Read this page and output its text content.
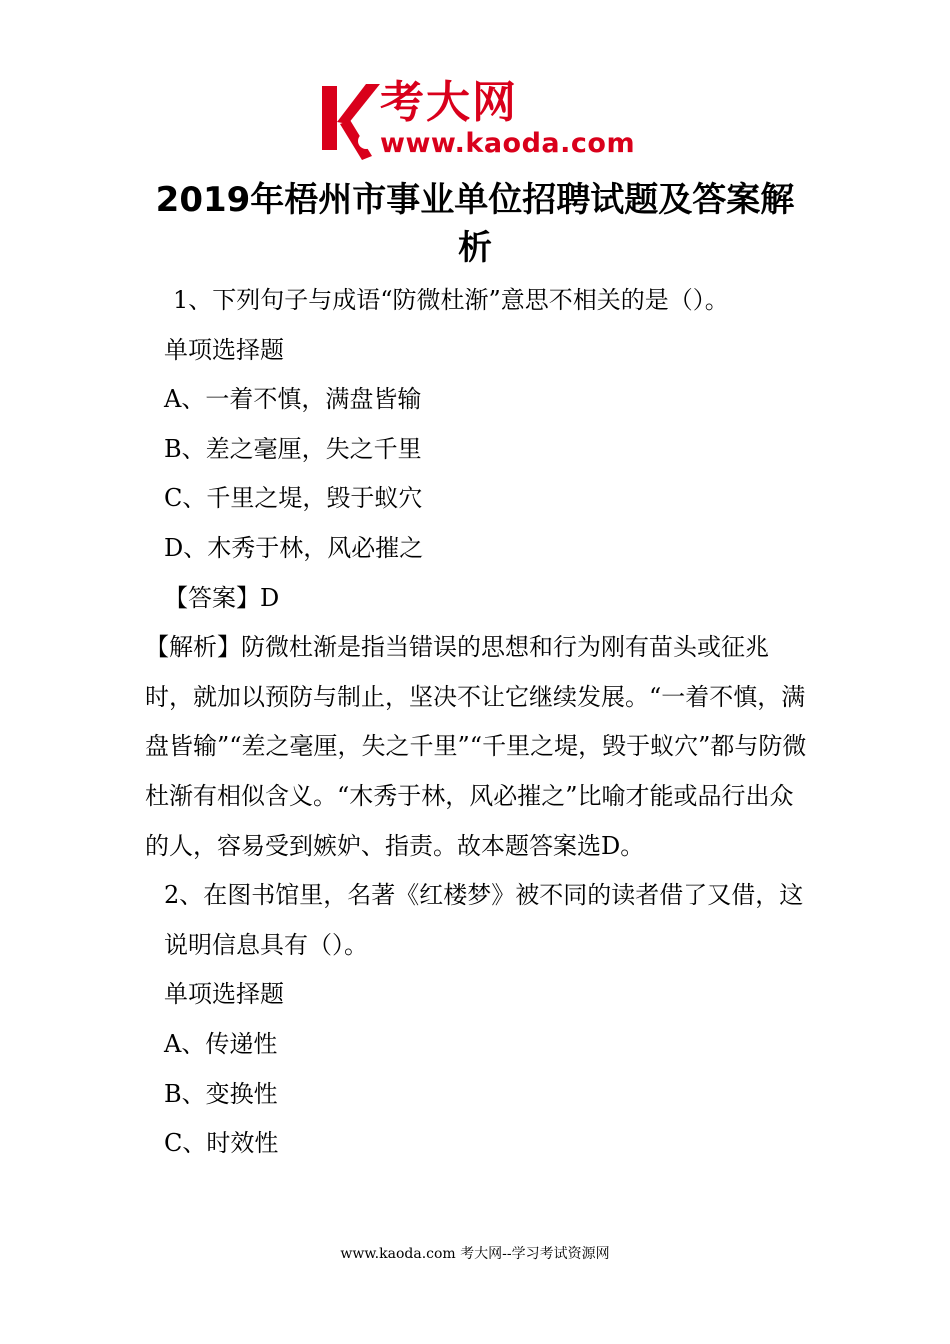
考大网
www.kaoda.com
2019年梧州市事业单位招聘试题及答案解析

1、下列句子与成语“防微杜渐”意思不相关的是（）。

单项选择题

A、一着不慎，满盘皆输

B、差之毫厘，失之千里

C、千里之堤，毁于蚁穴

D、木秀于林，风必摧之

【答案】D

【解析】防微杜渐是指当错误的思想和行为刚有苗头或征兆时，就加以预防与制止，坚决不让它继续发展。“一着不慎，满盘皆输”“差之毫厘，失之千里”“千里之堤，毁于蚁穴”都与防微杜渐有相似含义。“木秀于林，风必摧之”比喻才能或品行出众的人，容易受到嫉妒、指责。故本题答案选D。

2、在图书馆里，名著《红楼梦》被不同的读者借了又借，这说明信息具有（）。

单项选择题

A、传递性

B、变换性

C、时效性

www.kaoda.com 考大网--学习考试资源网
